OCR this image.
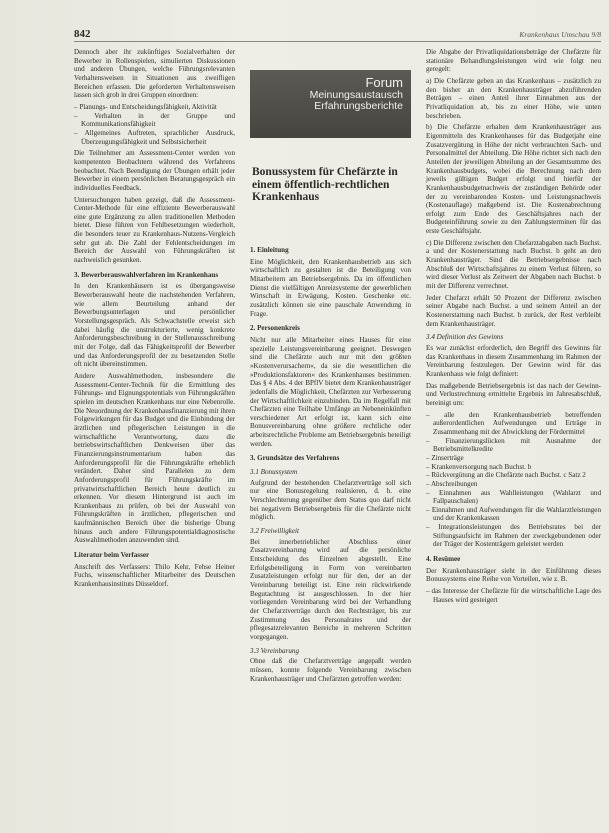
842	Krankenhaus Umschau 9/8

Dennoch aber ihr zukünftiges Sozialverhalten der Bewerber in Rollenspielen, simulierten Diskussionen und anderen Übungen, welche Führungsrelevanten Verhaltensweisen in Situationen aus zweifligen Bereichen erfassen. Die geforderten Verhaltensweisen lassen sich grob in drei Gruppen einordnen:

– Planungs- und Entscheidungsfähigkeit, Aktivität
– Verhalten in der Gruppe und Kommunikationsfähigkeit
– Allgemeines Auftreten, sprachlicher Ausdruck, Überzeugungsfähigkeit und Selbstsicherheit

Die Teilnehmer am Assessment-Center werden von kompetenten Beobachtern während des Verfahrens beobachtet. Nach Beendigung der Übungen erhält jeder Bewerber in einem persönlichen Beratungsgespräch ein individuelles Feedback.

Untersuchungen haben gezeigt, daß die Assessment-Center-Methode für eine effiziente Bewerberauswahl eine gute Ergänzung zu allen traditionellen Methoden bietet. Diese führen von Fehlbesetzungen wiederholt, die besonders teuer zu Krankenhaus-Nutzens-Vergleich sehr gut ab. Die Zahl der Fehlentscheidungen im Bereich der Auswahl von Führungskräften ist nachweislich gesunken.

3. Bewerberauswahlverfahren im Krankenhaus

In den Krankenhäusern ist es übergangsweise Bewerberauswahl heute die nachstehenden Verfahren, wie allem Beurteilung anhand der Bewerbungsunterlagen und persönlicher Vorstellungsgespräch. Als Schwachstelle erweist sich dabei häufig die unstrukturierte, wenig konkrete Anforderungsbeschreibung in der Stellenausschreibung mit der Folge, daß das Fähigkeitsprofil der Bewerber und das Anforderungsprofil der zu besetzenden Stelle oft nicht übereinstimmen.

Andere Auswahlmethoden, insbesondere die Assessment-Center-Technik für die Ermittlung des Führungs- und Eignungspotentials von Führungskräften spielen im deutschen Krankenhaus nur eine Nebenrolle. Die Neuordnung der Krankenhausfinanzierung mit ihren Folgewirkungen für das Budget und die Einbindung der ärztlichen und pflegerischen Leistungen in die wirtschaftliche Verantwortung, dazu die betriebswirtschaftlichen Denkweisen über das Finanzierungsinstrumentarium haben das Anforderungsprofil für die Führungskräfte erheblich verändert. Daher sind Parallelen zu dem Anforderungsprofil für Führungskräfte im privatwirtschaftlichen Bereich heute deutlich zu erkennen. Vor diesem Hintergrund ist auch im Krankenhaus zu prüfen, ob bei der Auswahl von Führungskräften in ärztlichen, pflegerischen und kaufmännischen Bereich über die bisherige Übung hinaus auch andere Führungspotentialdiagnostische Auswahlmethoden anzuwenden sind.

Literatur beim Verfasser

Anschrift des Verfassers: Thilo Kehr, Fehse Heiner Fuchs, wissenschaftlicher Mitarbeiter des Deutschen Krankenhausinstituts Düsseldorf.

Forum
Meinungsaustausch
Erfahrungsberichte
Bonussystem für Chefärzte in einem öffentlich-rechtlichen Krankenhaus
1. Einleitung

Eine Möglichkeit, den Krankenhausbetrieb aus sich wirtschaftlich zu gestalten ist die Beteiligung von Mitarbeitern am Betriebsergebnis. Da im öffentlichen Dienst die vielfältigen Anreizsysteme der gewerblichen Wirtschaft in Erwägung, Kosten. Geschenke etc. zusätzlich können sie eine pauschale Anwendung in Frage.

2. Personenkreis

Nicht nur alle Mitarbeiter eines Hauses für eine spezielle Leistungsvereinbarung geeignet. Deswegen sind die Chefärzte auch nur mit den größten »Kostenverursachern«, da sie die wesentlichen die »Produktionsfaktoren« des Krankenhauses bestimmen. Das § 4 Abs. 4 der BPflV bietet dem Krankenhausträger jedenfalls die Möglichkeit, Chefärzten zur Verbesserung der Wirtschaftlichkeit einzubinden. Da im Regelfall mit Chefärzten eine Teilhabe Umfänge an Nebeneinkünften verschiedener Art erfolgt ist, kann sich eine Bonusvereinbarung ohne größere rechtliche oder arbeitsrechtliche Probleme am Betriebsergebnis beteiligt werden.

3. Grundsätze des Verfahrens
3.1 Bonussystem

Aufgrund der bestehenden Chefarztverträge soll sich nur eine Bonusregelung realisieren, d. h. eine Verschlechterung gegenüber dem Status quo darf nicht bei negativem Betriebsergebnis für die Chefärzte nicht möglich.

3.2 Freiwilligkeit

Bei innerbetrieblicher Abschluss einer Zusatzvereinbarung wird auf die persönliche Entscheidung des Einzelnen abgestellt. Eine Erfolgsbeteiligung in Form von vereinbarten Zusatzleistungen erfolgt nur für den, der an der Vereinbarung beteiligt ist. Eine rein rückwirkende Begutachtung ist ausgeschlossen. In der hier vorliegenden Vereinbarung wird bei der Verhandlung der Chefarztverträge durch den Rechtsträger, bis zur Zustimmung des Personalrates und der pflegesatzrelevanten Bereiche in mehreren Schritten vorgegangen.

3.3 Vereinbarung

Ohne daß die Chefarztverträge angepaßt werden müssen, konnte folgende Vereinbarung zwischen Krankenhausträger und Chefärzten getroffen werden:

Die Abgabe der Privatliquidationsbeträge der Chefärzte für stationäre Behandlungsleistungen wird wie folgt neu geregelt:

a) Die Chefärzte geben an das Krankenhaus – zusätzlich zu den bisher an den Krankenhausträger abzuführenden Beträgen – einen Anteil ihrer Einnahmen aus der Privatliquidation ab, bis zu einer Höhe, wie unten beschrieben.

b) Die Chefärzte erhalten dem Krankenhausträger aus Eigenmitteln des Krankenhauses für das Budgetjahr eine Zusatzvergütung in Höhe der nicht verbrauchten Sach- und Personalmittel der Abteilung. Die Höhe richtet sich nach den Anteilen der jeweiligen Abteilung an der Gesamtsumme des Krankenhausbudgets, wobei die Berechnung nach dem jeweils gültigen Budget erfolgt und hierfür der Krankenhausbudgetnachweis der zuständigen Behörde oder der zu vereinbarenden Kosten- und Leistungsnachweis (Kostenauflage) maßgebend ist. Die Kostenabrechnung erfolgt zum Ende des Geschäftsjahres nach der Budgeteinführung sowie zu den Zahlungsterminen für das erste Geschäftsjahr.

c) Die Differenz zwischen den Chefarztabgaben nach Buchst. a und der Kostenerstattung nach Buchst. b geht an den Krankenhausträger. Sind die Betriebsergebnisse nach Abschluß der Wirtschaftsjahres zu einem Verlust führen, so wird dieser Verlust als Zeitwert der Abgaben nach Buchst. b mit der Differenz verrechnet.

Jeder Chefarzt erhält 50 Prozent der Differenz zwischen seiner Abgabe nach Buchst. a und seinem Anteil an der Kostenerstattung nach Buchst. b zurück, der Rest verbleibt dem Krankenhausträger.

3.4 Definition des Gewinns

Es war zunächst erforderlich, den Begriff des Gewinns für das Krankenhaus in diesem Zusammenhang im Rahmen der Vereinbarung festzulegen. Der Gewinn wird für das Krankenhaus wie folgt definiert:

Das maßgebende Betriebsergebnis ist das nach der Gewinn- und Verlustrechnung ermittelte Ergebnis im Jahresabschluß, bereinigt um:

– alle den Krankenhausbetrieb betreffenden außerordentlichen Aufwendungen und Erträge in Zusammenhang mit der Abwicklung der Fördermittel
– Finanzierungslücken mit Ausnahme der Betriebsmittelkredite
– Zinserträge
– Krankenversorgung nach Buchst. b
– Rückvergütung an die Chefärzte nach Buchst. c Satz 2
– Abschreibungen
– Einnahmen aus Wahlleistungen (Wahlarzt und Fallpauschalen)
– Einnahmen und Aufwendungen für die Wahlarztleistungen und der Krankenkassen
– Integrationsleistungen des Betriebsrates bei der Stiftungsaufsicht im Rahmen der zweckgebundenen oder der Träger der Kostenträgern geleistet werden
4. Resümee

Der Krankenhausträger sieht in der Einführung dieses Bonussystems eine Reihe von Vorteilen, wie z. B.

– das Interesse der Chefärzte für die wirtschaftliche Lage des Hauses wird gesteigert
